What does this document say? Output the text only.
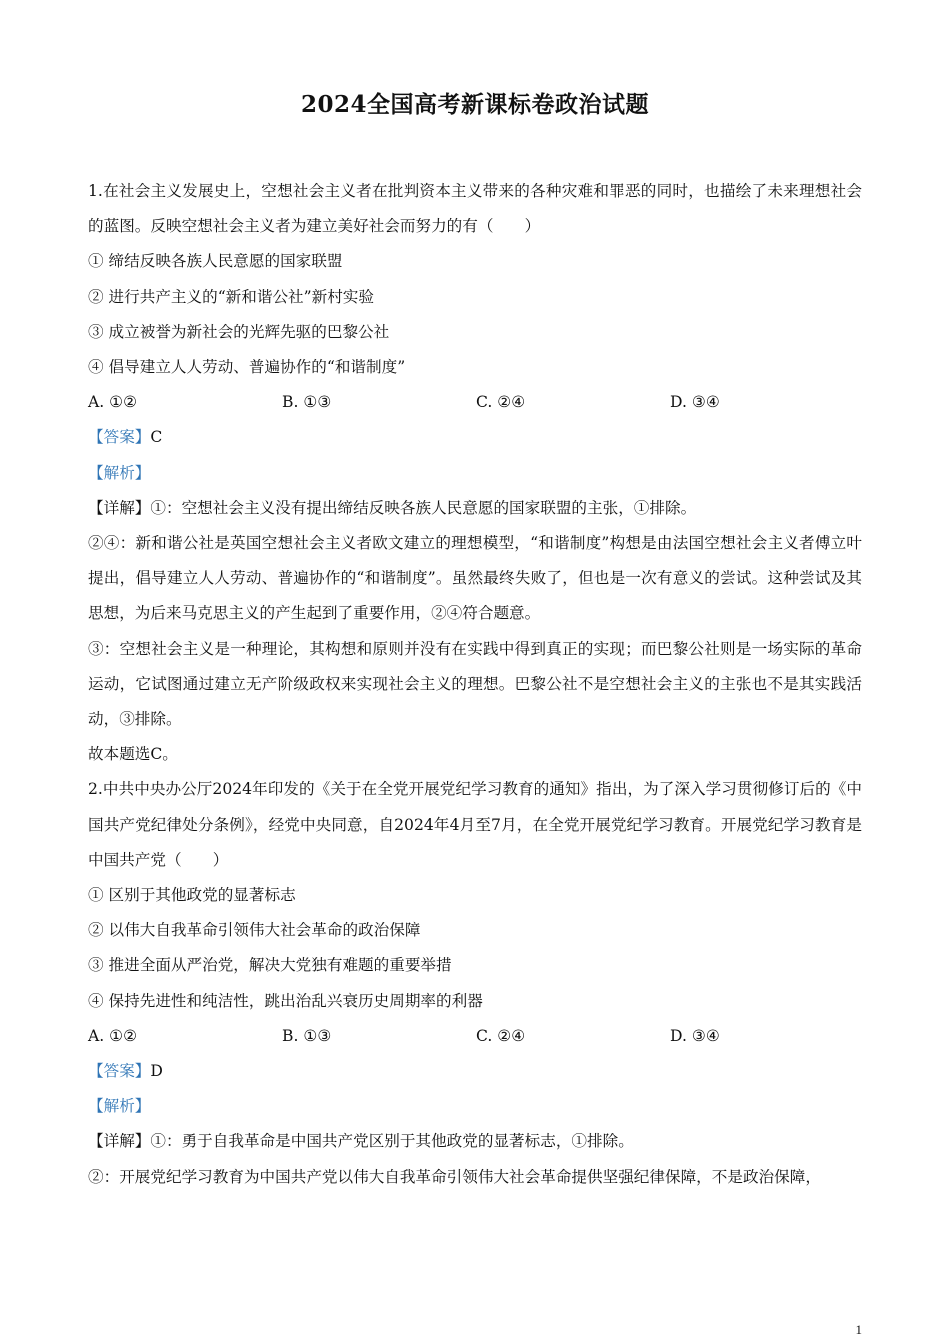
2024全国高考新课标卷政治试题

1.在社会主义发展史上，空想社会主义者在批判资本主义带来的各种灾难和罪恶的同时，也描绘了未来理想社会的蓝图。反映空想社会主义者为建立美好社会而努力的有（　　）

① 缔结反映各族人民意愿的国家联盟

② 进行共产主义的“新和谐公社”新村实验

③ 成立被誉为新社会的光辉先驱的巴黎公社

④ 倡导建立人人劳动、普遍协作的“和谐制度”

A. ①②	B. ①③	C. ②④	D. ③④

【答案】C

【解析】

【详解】①：空想社会主义没有提出缔结反映各族人民意愿的国家联盟的主张，①排除。

②④：新和谐公社是英国空想社会主义者欧文建立的理想模型，“和谐制度”构想是由法国空想社会主义者傅立叶提出，倡导建立人人劳动、普遍协作的“和谐制度”。虽然最终失败了，但也是一次有意义的尝试。这种尝试及其思想，为后来马克思主义的产生起到了重要作用，②④符合题意。

③：空想社会主义是一种理论，其构想和原则并没有在实践中得到真正的实现；而巴黎公社则是一场实际的革命运动，它试图通过建立无产阶级政权来实现社会主义的理想。巴黎公社不是空想社会主义的主张也不是其实践活动，③排除。

故本题选C。

2.中共中央办公厅2024年印发的《关于在全党开展党纪学习教育的通知》指出，为了深入学习贯彻修订后的《中国共产党纪律处分条例》，经党中央同意，自2024年4月至7月，在全党开展党纪学习教育。开展党纪学习教育是中国共产党（　　）

① 区别于其他政党的显著标志

② 以伟大自我革命引领伟大社会革命的政治保障

③ 推进全面从严治党，解决大党独有难题的重要举措

④ 保持先进性和纯洁性，跳出治乱兴衰历史周期率的利器

A. ①②	B. ①③	C. ②④	D. ③④

【答案】D

【解析】

【详解】①：勇于自我革命是中国共产党区别于其他政党的显著标志，①排除。

②：开展党纪学习教育为中国共产党以伟大自我革命引领伟大社会革命提供坚强纪律保障，不是政治保障，

1
